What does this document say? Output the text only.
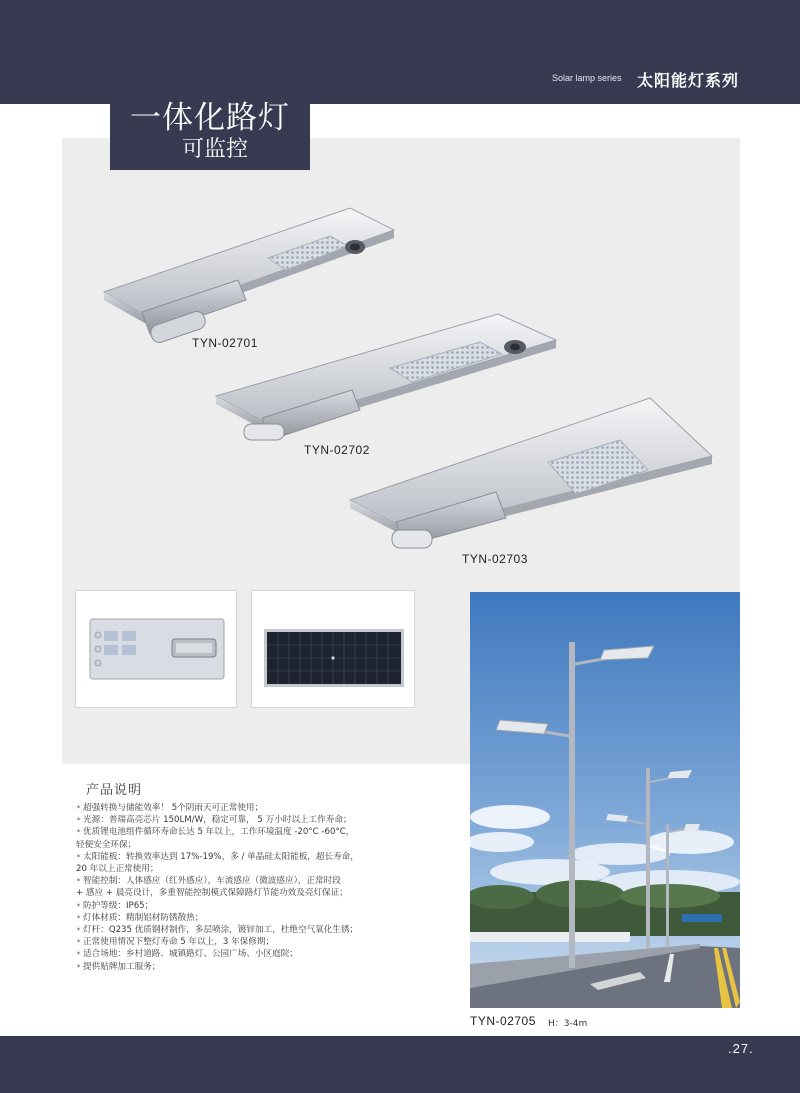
Solar lamp series 太阳能灯系列
一体化路灯
可监控
TYN-02701
TYN-02702
TYN-02703
产品说明
✶ 超强转换与储能效率！ 5个阴雨天可正常使用；
✶ 光源：普瑞高亮芯片 150LM/W，稳定可靠， 5 万小时以上工作寿命；
✶ 优质锂电池组件循环寿命长达 5 年以上，工作环境温度 -20°C -60°C，
轻便安全环保；
✶ 太阳能板：转换效率达到 17%-19%，多 / 单晶硅太阳能板，超长寿命，
20 年以上正常使用；
✶ 智能控制：人体感应（红外感应），车流感应（微波感应），正常时段
+ 感应 + 晨亮设计，多重智能控制模式保障路灯节能功效及亮灯保证；
✶ 防护等级：IP65；
✶ 灯体材质：精制铝材防锈散热；
✶ 灯杆：Q235 优质钢材制作，多层喷涂，镀锌加工，杜绝空气氧化生锈；
✶ 正常使用情况下整灯寿命 5 年以上，3 年保修期；
✶ 适合场地：乡村道路、城镇路灯、公园广场、小区庭院；
✶ 提供贴牌加工服务；
TYN-02705 H：3-4m
.27.
